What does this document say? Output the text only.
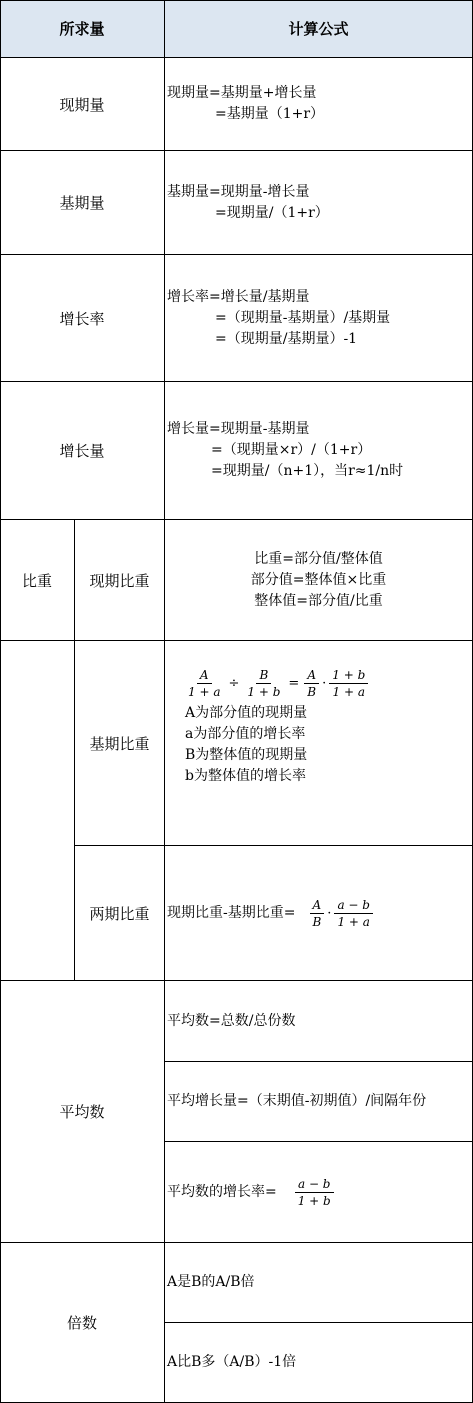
所求量	计算公式
现期量
现期量=基期量+增长量
=基期量（1+r）
基期量
基期量=现期量-增长量
=现期量/（1+r）
增长率
增长率=增长量/基期量
=（现期量-基期量）/基期量
=（现期量/基期量）-1
增长量
增长量=现期量-基期量
=（现期量×r）/（1+r）
=现期量/（n+1），当r≈1/n时
比重 现期比重
比重=部分值/整体值
部分值=整体值×比重
整体值=部分值/比重
基期比重
$\frac{A}{1 + a} \div \frac{B}{1 + b} = \frac{A}{B} \cdot \frac{1 + b}{1 + a}$
A为部分值的现期量
a为部分值的增长率
B为整体值的现期量
b为整体值的增长率
两期比重 现期比重-基期比重= $\frac{A}{B} \cdot \frac{a - b}{1 + a}$
平均数
平均数=总数/总份数
平均增长量=（末期值-初期值）/间隔年份
平均数的增长率= $\frac{a - b}{1 + b}$
倍数
A是B的A/B倍
A比B多（A/B）-1倍
